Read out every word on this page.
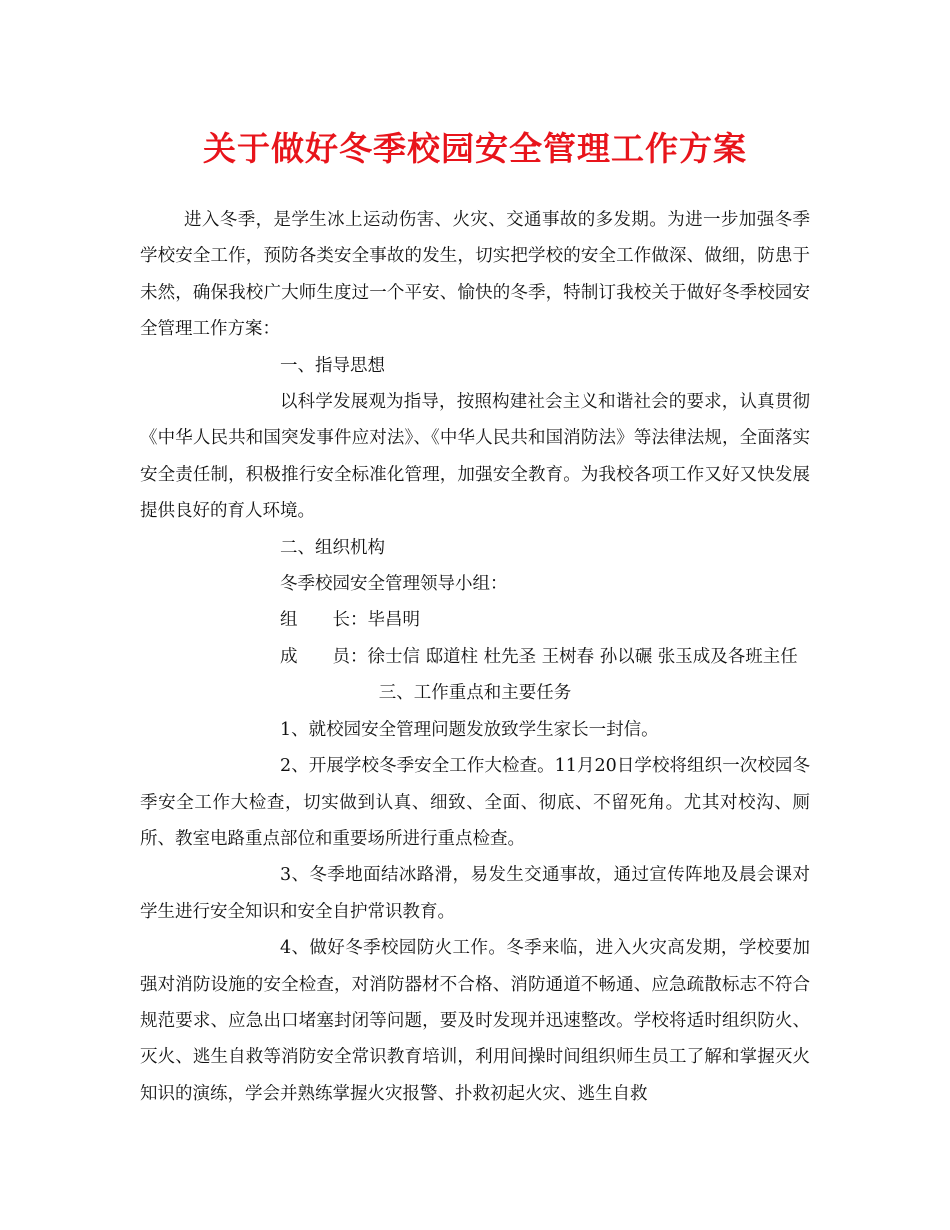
关于做好冬季校园安全管理工作方案

进入冬季，是学生冰上运动伤害、火灾、交通事故的多发期。为进一步加强冬季学校安全工作，预防各类安全事故的发生，切实把学校的安全工作做深、做细，防患于未然，确保我校广大师生度过一个平安、愉快的冬季，特制订我校关于做好冬季校园安全管理工作方案：

一、指导思想

以科学发展观为指导，按照构建社会主义和谐社会的要求，认真贯彻《中华人民共和国突发事件应对法》、《中华人民共和国消防法》等法律法规，全面落实安全责任制，积极推行安全标准化管理，加强安全教育。为我校各项工作又好又快发展提供良好的育人环境。

二、组织机构

冬季校园安全管理领导小组：

组　　长：毕昌明

成　　员：徐士信 邸道柱 杜先圣 王树春 孙以碾 张玉成及各班主任

三、工作重点和主要任务

1、就校园安全管理问题发放致学生家长一封信。

2、开展学校冬季安全工作大检查。11月20日学校将组织一次校园冬季安全工作大检查，切实做到认真、细致、全面、彻底、不留死角。尤其对校沟、厕所、教室电路重点部位和重要场所进行重点检查。

3、冬季地面结冰路滑，易发生交通事故，通过宣传阵地及晨会课对学生进行安全知识和安全自护常识教育。

4、做好冬季校园防火工作。冬季来临，进入火灾高发期，学校要加强对消防设施的安全检查，对消防器材不合格、消防通道不畅通、应急疏散标志不符合规范要求、应急出口堵塞封闭等问题，要及时发现并迅速整改。学校将适时组织防火、灭火、逃生自救等消防安全常识教育培训，利用间操时间组织师生员工了解和掌握灭火知识的演练，学会并熟练掌握火灾报警、扑救初起火灾、逃生自救
